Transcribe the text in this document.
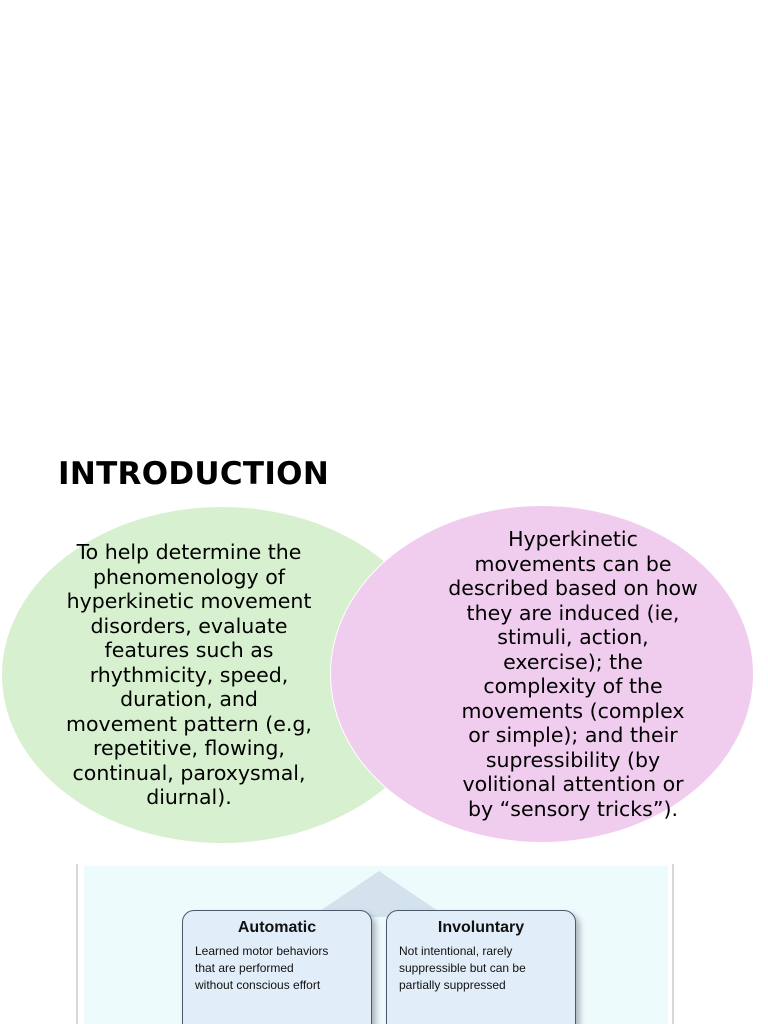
INTRODUCTION

To help determine the phenomenology of hyperkinetic movement disorders, evaluate features such as rhythmicity, speed, duration, and movement pattern (e.g, repetitive, flowing, continual, paroxysmal, diurnal).

Hyperkinetic movements can be described based on how they are induced (ie, stimuli, action, exercise); the complexity of the movements (complex or simple); and their supressibility (by volitional attention or by “sensory tricks”).

Automatic

Learned motor behaviors
that are performed
without conscious effort

Involuntary

Not intentional, rarely
suppressible but can be
partially suppressed
